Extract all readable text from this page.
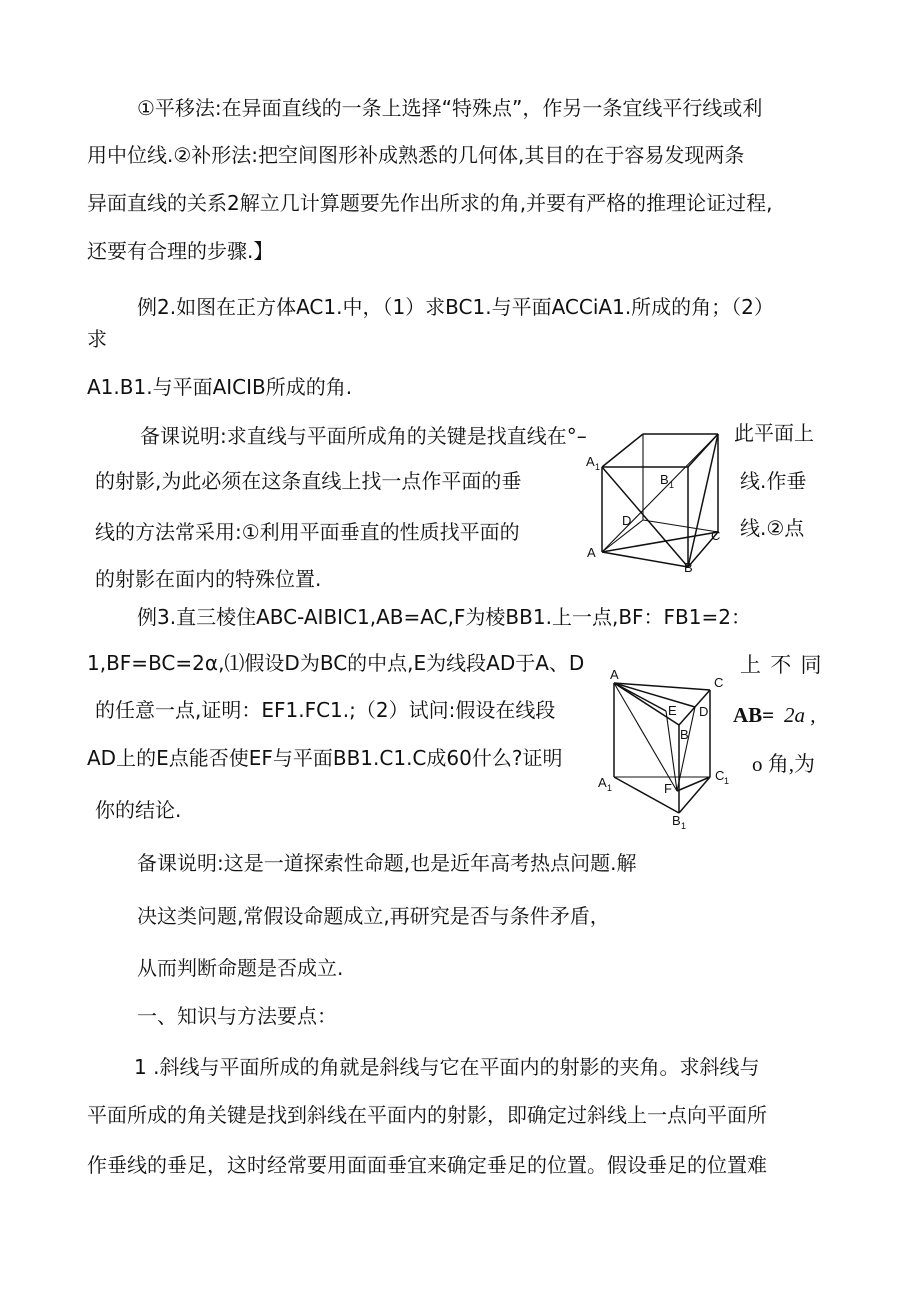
①平移法:在异面直线的一条上选择“特殊点”，作另一条宜线平行线或利
用中位线.②补形法:把空间图形补成熟悉的几何体,其目的在于容易发现两条
异面直线的关系2解立几计算题要先作出所求的角,并要有严格的推理论证过程,
还要有合理的步骤.】
例2.如图在正方体AC1.中，（1）求BC1.与平面ACCiA1.所成的角；（2）
求
A1.B1.与平面AICIB所成的角.
备课说明:求直线与平面所成角的关键是找直线在°–
的射影,为此必须在这条直线上找一点作平面的垂
线的方法常采用:①利用平面垂直的性质找平面的
的射影在面内的特殊位置.
此平面上
线.作垂
线.②点
A 1
B 1
D
A
B
C
例3.直三棱住ABC-AIBIC1,AB=AC,F为棱BB1.上一点,BF：FB1=2：
1,BF=BC=2α,⑴假设D为BC的中点,E为线段AD于A、D
的任意一点,证明：EF1.FC1.;（2）试问:假设在线段
AD上的E点能否使EF与平面BB1.C1.C成60什么?证明
你的结论.
上 不 同
AB= 2a ,
o 角,为
A
C
E D
B
A 1	F
C 1
B 1
备课说明:这是一道探索性命题,也是近年高考热点问题.解
决这类问题,常假设命题成立,再研究是否与条件矛盾，
从而判断命题是否成立.
一、知识与方法要点：
1 .斜线与平面所成的角就是斜线与它在平面内的射影的夹角。求斜线与
平面所成的角关键是找到斜线在平面内的射影，即确定过斜线上一点向平面所
作垂线的垂足，这时经常要用面面垂宜来确定垂足的位置。假设垂足的位置难
